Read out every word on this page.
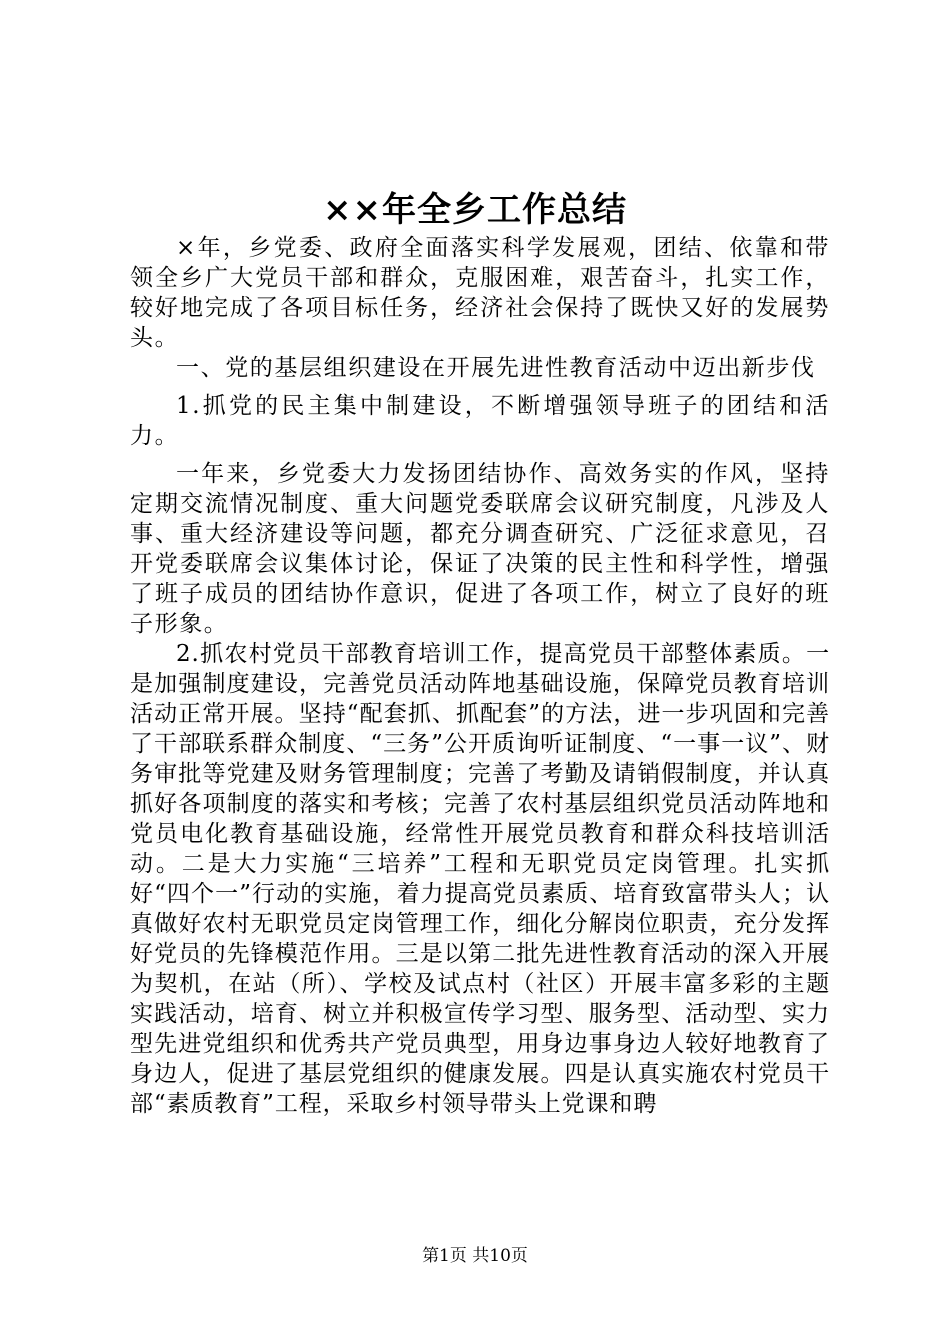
××年全乡工作总结

×年，乡党委、政府全面落实科学发展观，团结、依靠和带领全乡广大党员干部和群众，克服困难，艰苦奋斗，扎实工作，较好地完成了各项目标任务，经济社会保持了既快又好的发展势头。

一、党的基层组织建设在开展先进性教育活动中迈出新步伐

1.抓党的民主集中制建设，不断增强领导班子的团结和活力。

一年来，乡党委大力发扬团结协作、高效务实的作风，坚持定期交流情况制度、重大问题党委联席会议研究制度，凡涉及人事、重大经济建设等问题，都充分调查研究、广泛征求意见，召开党委联席会议集体讨论，保证了决策的民主性和科学性，增强了班子成员的团结协作意识，促进了各项工作，树立了良好的班子形象。

2.抓农村党员干部教育培训工作，提高党员干部整体素质。一是加强制度建设，完善党员活动阵地基础设施，保障党员教育培训活动正常开展。坚持“配套抓、抓配套”的方法，进一步巩固和完善了干部联系群众制度、“三务”公开质询听证制度、“一事一议”、财务审批等党建及财务管理制度；完善了考勤及请销假制度，并认真抓好各项制度的落实和考核；完善了农村基层组织党员活动阵地和党员电化教育基础设施，经常性开展党员教育和群众科技培训活动。二是大力实施“三培养”工程和无职党员定岗管理。扎实抓好“四个一”行动的实施，着力提高党员素质、培育致富带头人；认真做好农村无职党员定岗管理工作，细化分解岗位职责，充分发挥好党员的先锋模范作用。三是以第二批先进性教育活动的深入开展为契机，在站（所）、学校及试点村（社区）开展丰富多彩的主题实践活动，培育、树立并积极宣传学习型、服务型、活动型、实力型先进党组织和优秀共产党员典型，用身边事身边人较好地教育了身边人，促进了基层党组织的健康发展。四是认真实施农村党员干部“素质教育”工程，采取乡村领导带头上党课和聘

第1页 共10页
